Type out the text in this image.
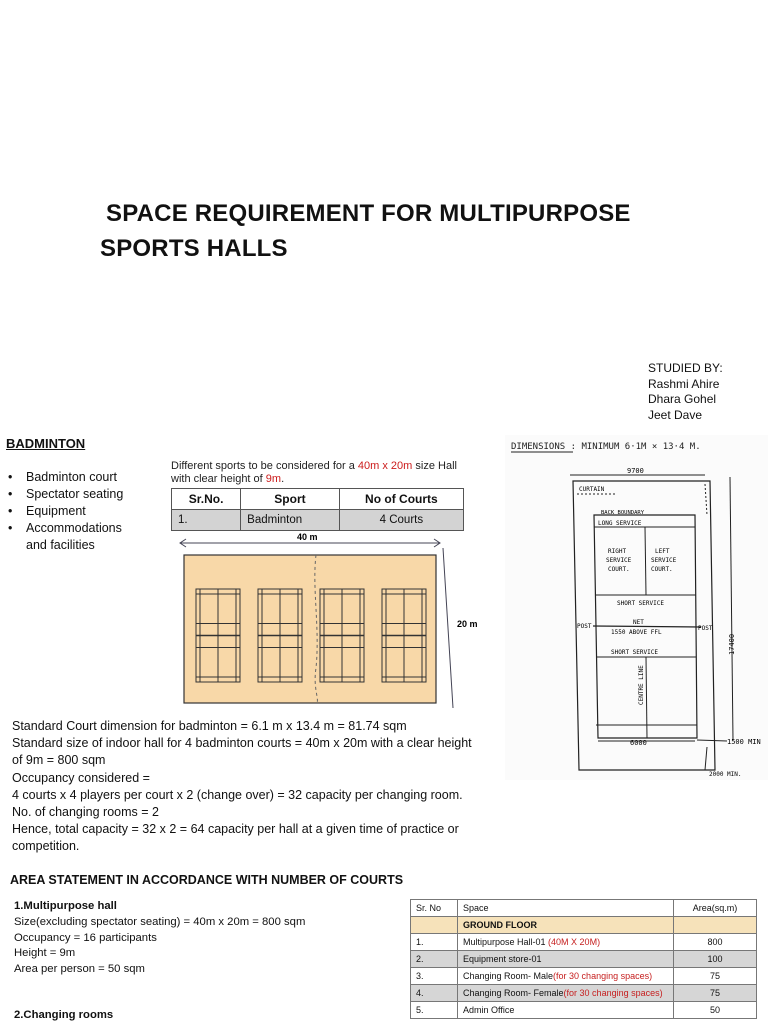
SPACE REQUIREMENT FOR MULTIPURPOSE
SPORTS HALLS
STUDIED BY:
Rashmi Ahire
Dhara Gohel
Jeet Dave
BADMINTON
• Badminton court
• Spectator seating
• Equipment
• Accommodations and facilities
Different sports to be considered for a 40m x 20m size Hall with clear height of 9m.
Sr.No.	Sport	No of Courts
1.	Badminton	4 Courts
40 m
20 m
DIMENSIONS : MINIMUM 6·1M × 13·4 M.
9700
CURTAIN
BACK BOUNDARY
LONG SERVICE
RIGHT
SERVICE
COURT.
LEFT
SERVICE
COURT.
SHORT SERVICE
POST	POST
NET
1550 ABOVE FFL
SHORT SERVICE
CENTRE LINE
17400
6000	1500 MIN
2000 MIN.
Standard Court dimension for badminton = 6.1 m x 13.4 m = 81.74 sqm
Standard size of indoor hall for 4 badminton courts = 40m x 20m with a clear height
of 9m = 800 sqm
Occupancy considered =
4 courts x 4 players per court x 2 (change over) = 32 capacity per changing room.
No. of changing rooms = 2
Hence, total capacity = 32 x 2 = 64 capacity per hall at a given time of practice or
competition.
AREA STATEMENT IN ACCORDANCE WITH NUMBER OF COURTS
1.Multipurpose hall
Size(excluding spectator seating) = 40m x 20m = 800 sqm
Occupancy = 16 participants
Height = 9m
Area per person = 50 sqm
2.Changing rooms
Sr. No	Space	Area(sq.m)
	GROUND FLOOR	
1.	Multipurpose Hall-01 (40M X 20M)	800
2.	Equipment store-01	100
3.	Changing Room- Male(for 30 changing spaces)	75
4.	Changing Room- Female(for 30 changing spaces)	75
5.	Admin Office	50
